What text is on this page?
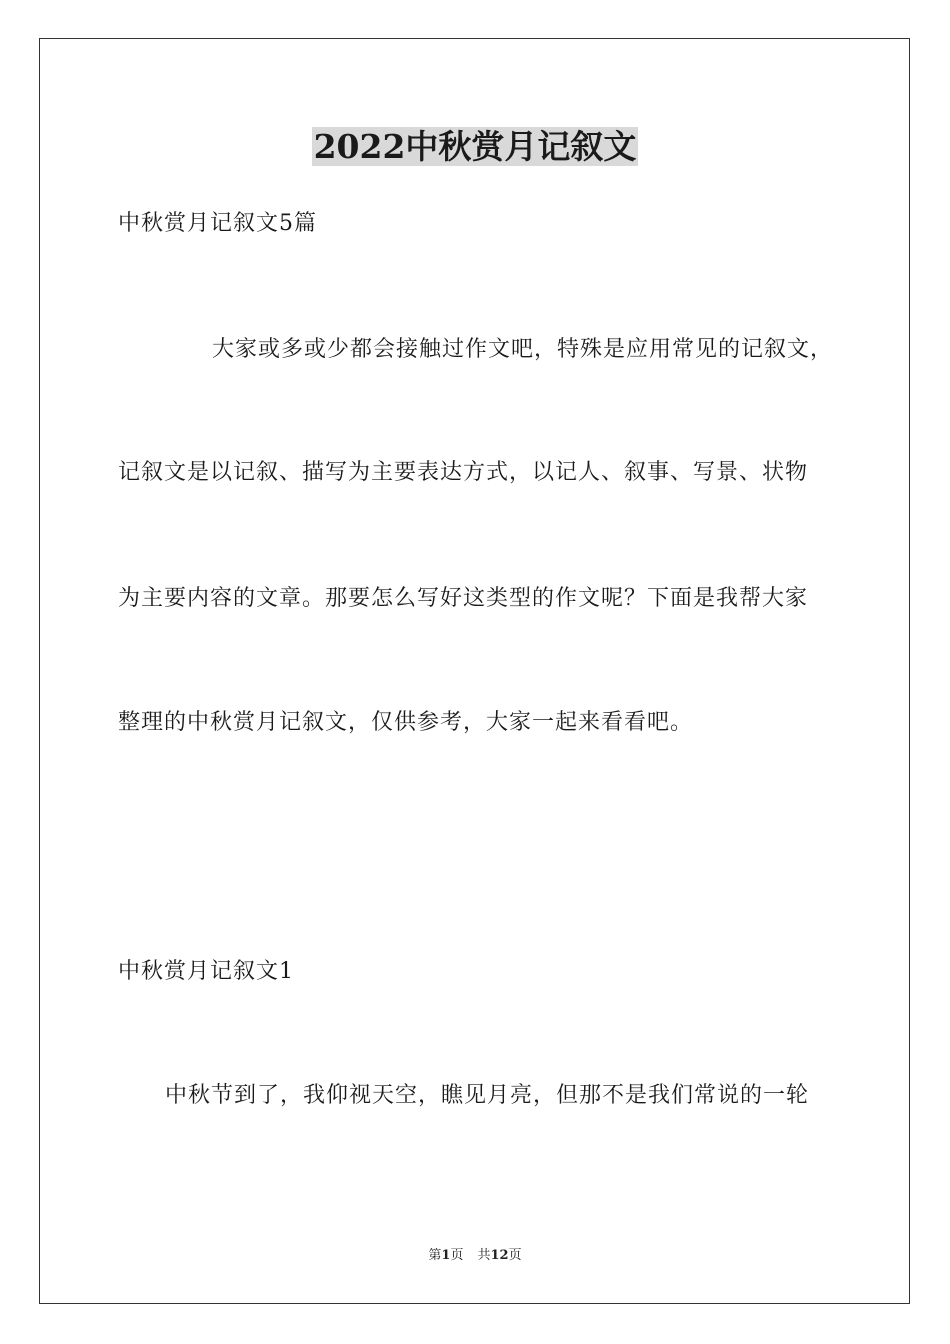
2022中秋赏月记叙文

中秋赏月记叙文5篇

大家或多或少都会接触过作文吧，特殊是应用常见的记叙文，

记叙文是以记叙、描写为主要表达方式，以记人、叙事、写景、状物

为主要内容的文章。那要怎么写好这类型的作文呢？下面是我帮大家

整理的中秋赏月记叙文，仅供参考，大家一起来看看吧。

中秋赏月记叙文1

中秋节到了，我仰视天空，瞧见月亮，但那不是我们常说的一轮

第1页 共12页
